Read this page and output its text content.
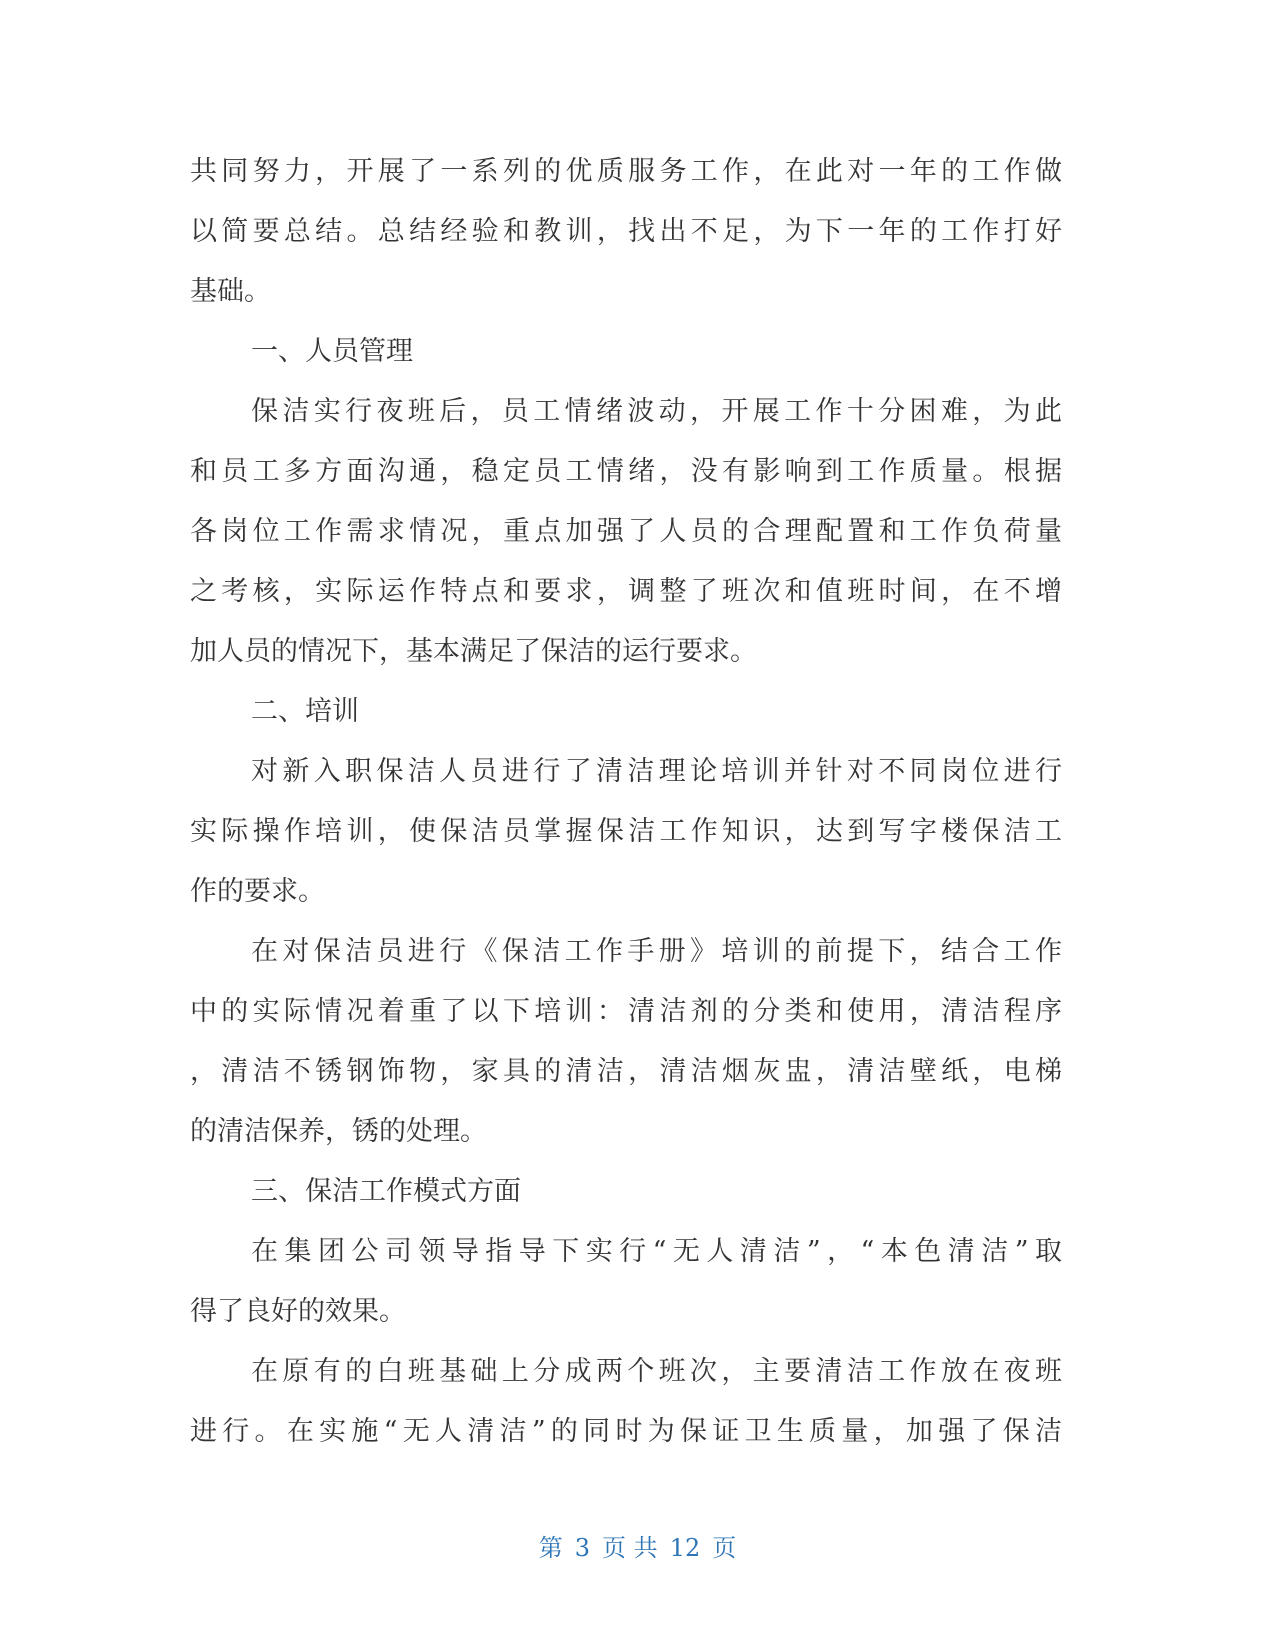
共同努力，开展了一系列的优质服务工作，在此对一年的工作做
以简要总结。总结经验和教训，找出不足，为下一年的工作打好
基础。
一、人员管理
保洁实行夜班后，员工情绪波动，开展工作十分困难，为此
和员工多方面沟通，稳定员工情绪，没有影响到工作质量。根据
各岗位工作需求情况，重点加强了人员的合理配置和工作负荷量
之考核，实际运作特点和要求，调整了班次和值班时间，在不增
加人员的情况下，基本满足了保洁的运行要求。
二、培训
对新入职保洁人员进行了清洁理论培训并针对不同岗位进行
实际操作培训，使保洁员掌握保洁工作知识，达到写字楼保洁工
作的要求。
在对保洁员进行《保洁工作手册》培训的前提下，结合工作
中的实际情况着重了以下培训：清洁剂的分类和使用，清洁程序
，清洁不锈钢饰物，家具的清洁，清洁烟灰盅，清洁壁纸，电梯
的清洁保养，锈的处理。
三、保洁工作模式方面
在集团公司领导指导下实行“无人清洁”，“本色清洁”取
得了良好的效果。
在原有的白班基础上分成两个班次，主要清洁工作放在夜班
进行。在实施“无人清洁”的同时为保证卫生质量，加强了保洁
第 3 页 共 12 页
